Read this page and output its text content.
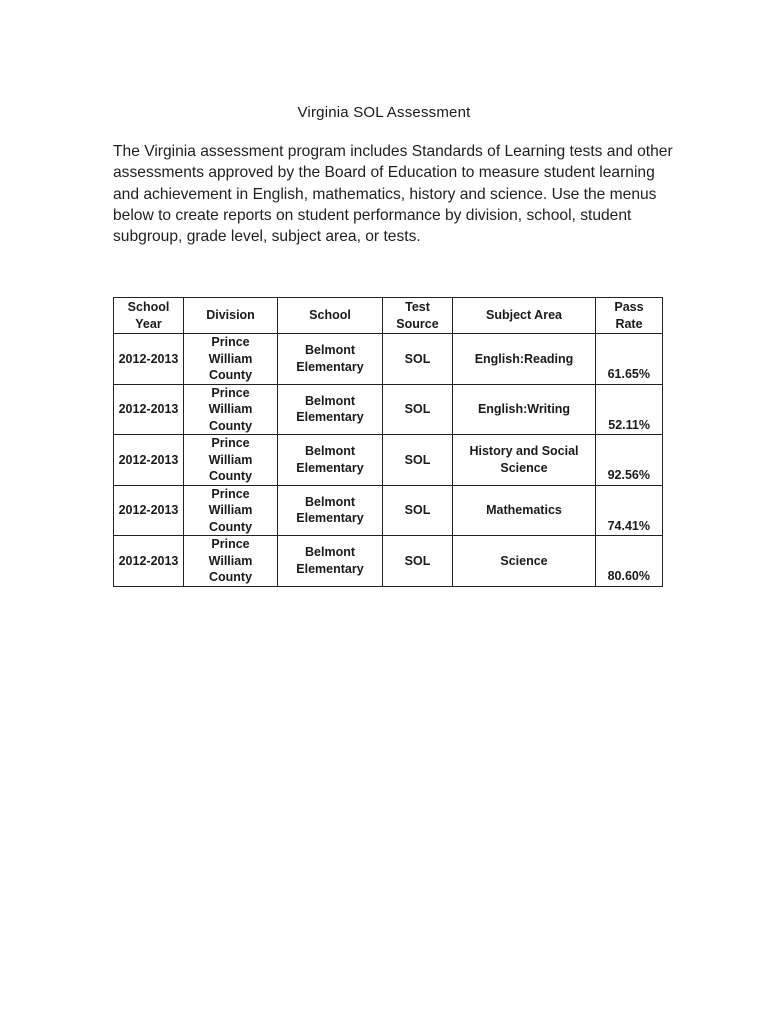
Virginia SOL Assessment

The Virginia assessment program includes Standards of Learning tests and other assessments approved by the Board of Education to measure student learning and achievement in English, mathematics, history and science. Use the menus below to create reports on student performance by division, school, student subgroup, grade level, subject area, or tests.

School Year	Division	School	Test Source	Subject Area	Pass Rate
2012-2013	Prince William County	Belmont Elementary	SOL	English:Reading	61.65%
2012-2013	Prince William County	Belmont Elementary	SOL	English:Writing	52.11%
2012-2013	Prince William County	Belmont Elementary	SOL	History and Social Science	92.56%
2012-2013	Prince William County	Belmont Elementary	SOL	Mathematics	74.41%
2012-2013	Prince William County	Belmont Elementary	SOL	Science	80.60%
